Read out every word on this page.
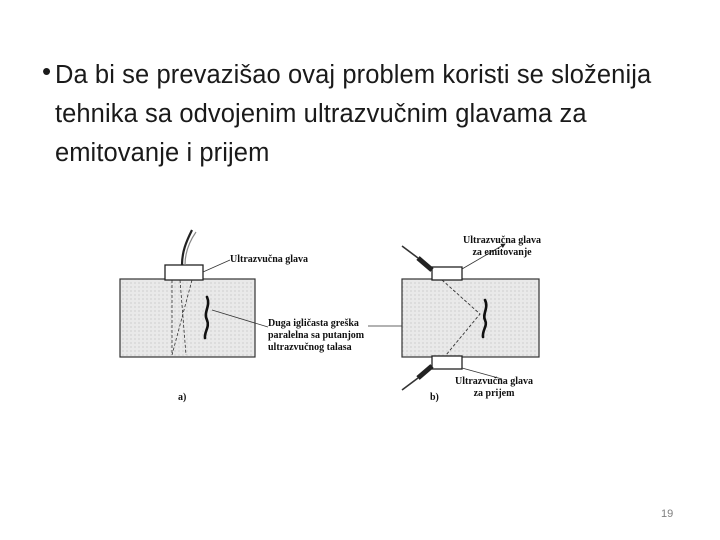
• Da bi se prevazišao ovaj problem koristi se složenija tehnika sa odvojenim ultrazvučnim glavama za emitovanje i prijem
Ultrazvučna glava
Duga igličasta greška
paralelna sa putanjom
ultrazvučnog talasa
a)
Ultrazvučna glava
za emitovanje
Ultrazvučna glava
za prijem
b)
19
